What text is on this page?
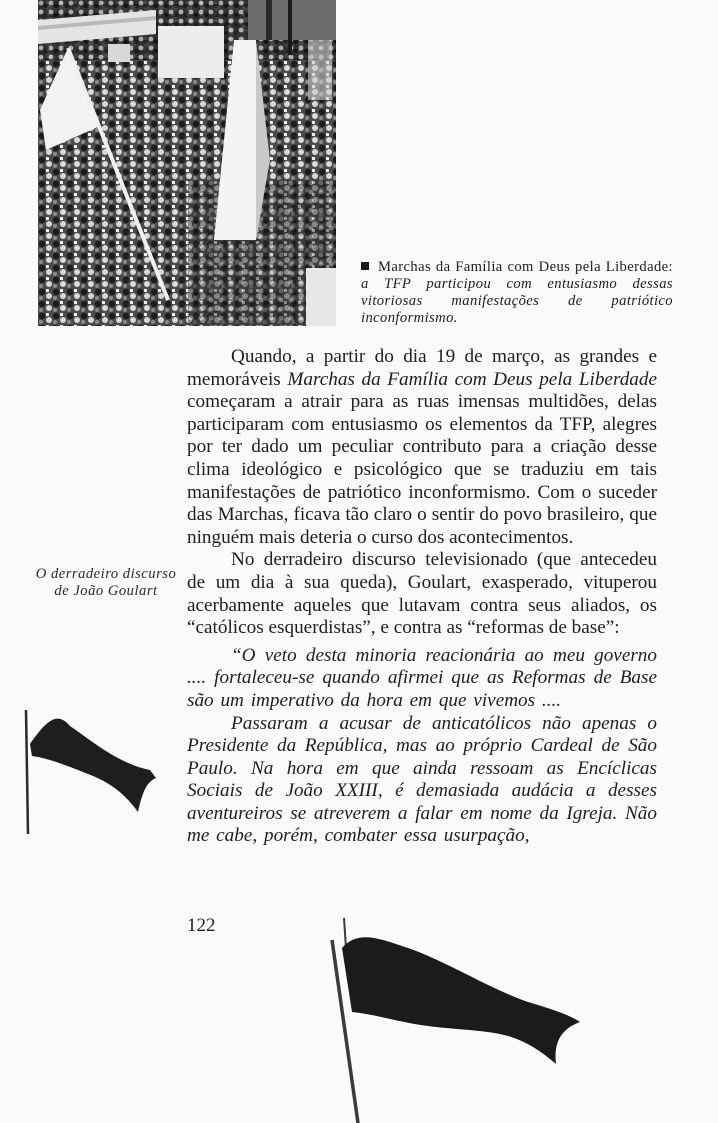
Marchas da Família com Deus pela Liberdade: a TFP participou com entusiasmo dessas vitoriosas manifestações de patriótico inconformismo.
O derradeiro discurso de João Goulart

Quando, a partir do dia 19 de março, as grandes e memoráveis Marchas da Família com Deus pela Liberdade começaram a atrair para as ruas imensas multidões, delas participaram com entusiasmo os elementos da TFP, alegres por ter dado um peculiar contributo para a criação desse clima ideológico e psicológico que se traduziu em tais manifestações de patriótico inconformismo. Com o suceder das Marchas, ficava tão claro o sentir do povo brasileiro, que ninguém mais deteria o curso dos acontecimentos.

No derradeiro discurso televisionado (que antecedeu de um dia à sua queda), Goulart, exasperado, vituperou acerbamente aqueles que lutavam contra seus aliados, os “católicos esquerdistas”, e contra as “reformas de base”:

“O veto desta minoria reacionária ao meu governo .... fortaleceu-se quando afirmei que as Reformas de Base são um imperativo da hora em que vivemos ....

Passaram a acusar de anticatólicos não apenas o Presidente da República, mas ao próprio Cardeal de São Paulo. Na hora em que ainda ressoam as Encíclicas Sociais de João XXIII, é demasiada audácia a desses aventureiros se atreverem a falar em nome da Igreja. Não me cabe, porém, combater essa usurpação,

122
